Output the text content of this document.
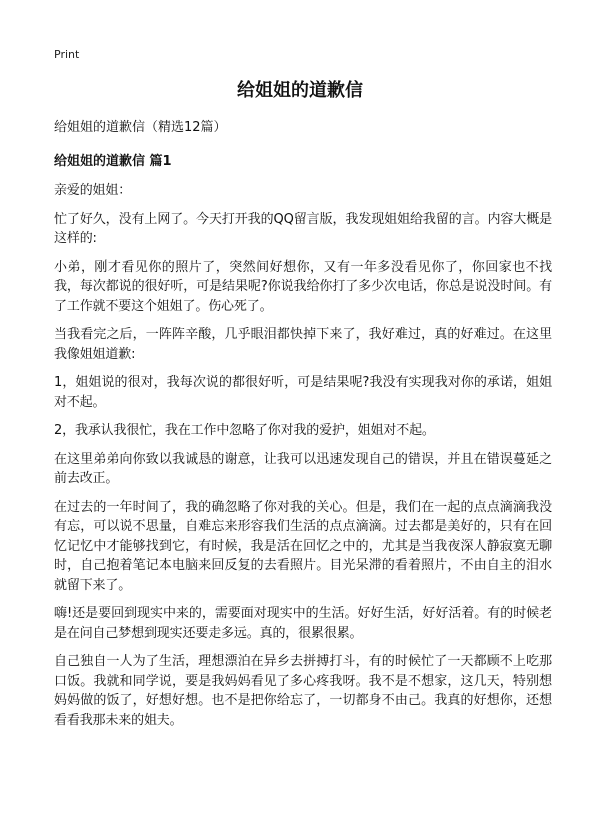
Print
给姐姐的道歉信

给姐姐的道歉信（精选12篇）

给姐姐的道歉信 篇1

亲爱的姐姐：

忙了好久，没有上网了。今天打开我的QQ留言版，我发现姐姐给我留的言。内容大概是这样的:

小弟，刚才看见你的照片了，突然间好想你，又有一年多没看见你了，你回家也不找我，每次都说的很好听，可是结果呢?你说我给你打了多少次电话，你总是说没时间。有了工作就不要这个姐姐了。伤心死了。

当我看完之后，一阵阵辛酸，几乎眼泪都快掉下来了，我好难过，真的好难过。在这里我像姐姐道歉:

1，姐姐说的很对，我每次说的都很好听，可是结果呢?我没有实现我对你的承诺，姐姐对不起。

2，我承认我很忙，我在工作中忽略了你对我的爱护，姐姐对不起。

在这里弟弟向你致以我诚恳的谢意，让我可以迅速发现自己的错误，并且在错误蔓延之前去改正。

在过去的一年时间了，我的确忽略了你对我的关心。但是，我们在一起的点点滴滴我没有忘，可以说不思量，自难忘来形容我们生活的点点滴滴。过去都是美好的，只有在回忆记忆中才能够找到它，有时候，我是活在回忆之中的，尤其是当我夜深人静寂寞无聊时，自己抱着笔记本电脑来回反复的去看照片。目光呆滞的看着照片，不由自主的泪水就留下来了。

嗨!还是要回到现实中来的，需要面对现实中的生活。好好生活，好好活着。有的时候老是在问自己梦想到现实还要走多远。真的，很累很累。

自己独自一人为了生活，理想漂泊在异乡去拼搏打斗，有的时候忙了一天都顾不上吃那口饭。我就和同学说，要是我妈妈看见了多心疼我呀。我不是不想家，这几天，特别想妈妈做的饭了，好想好想。也不是把你给忘了，一切都身不由己。我真的好想你，还想看看我那未来的姐夫。
